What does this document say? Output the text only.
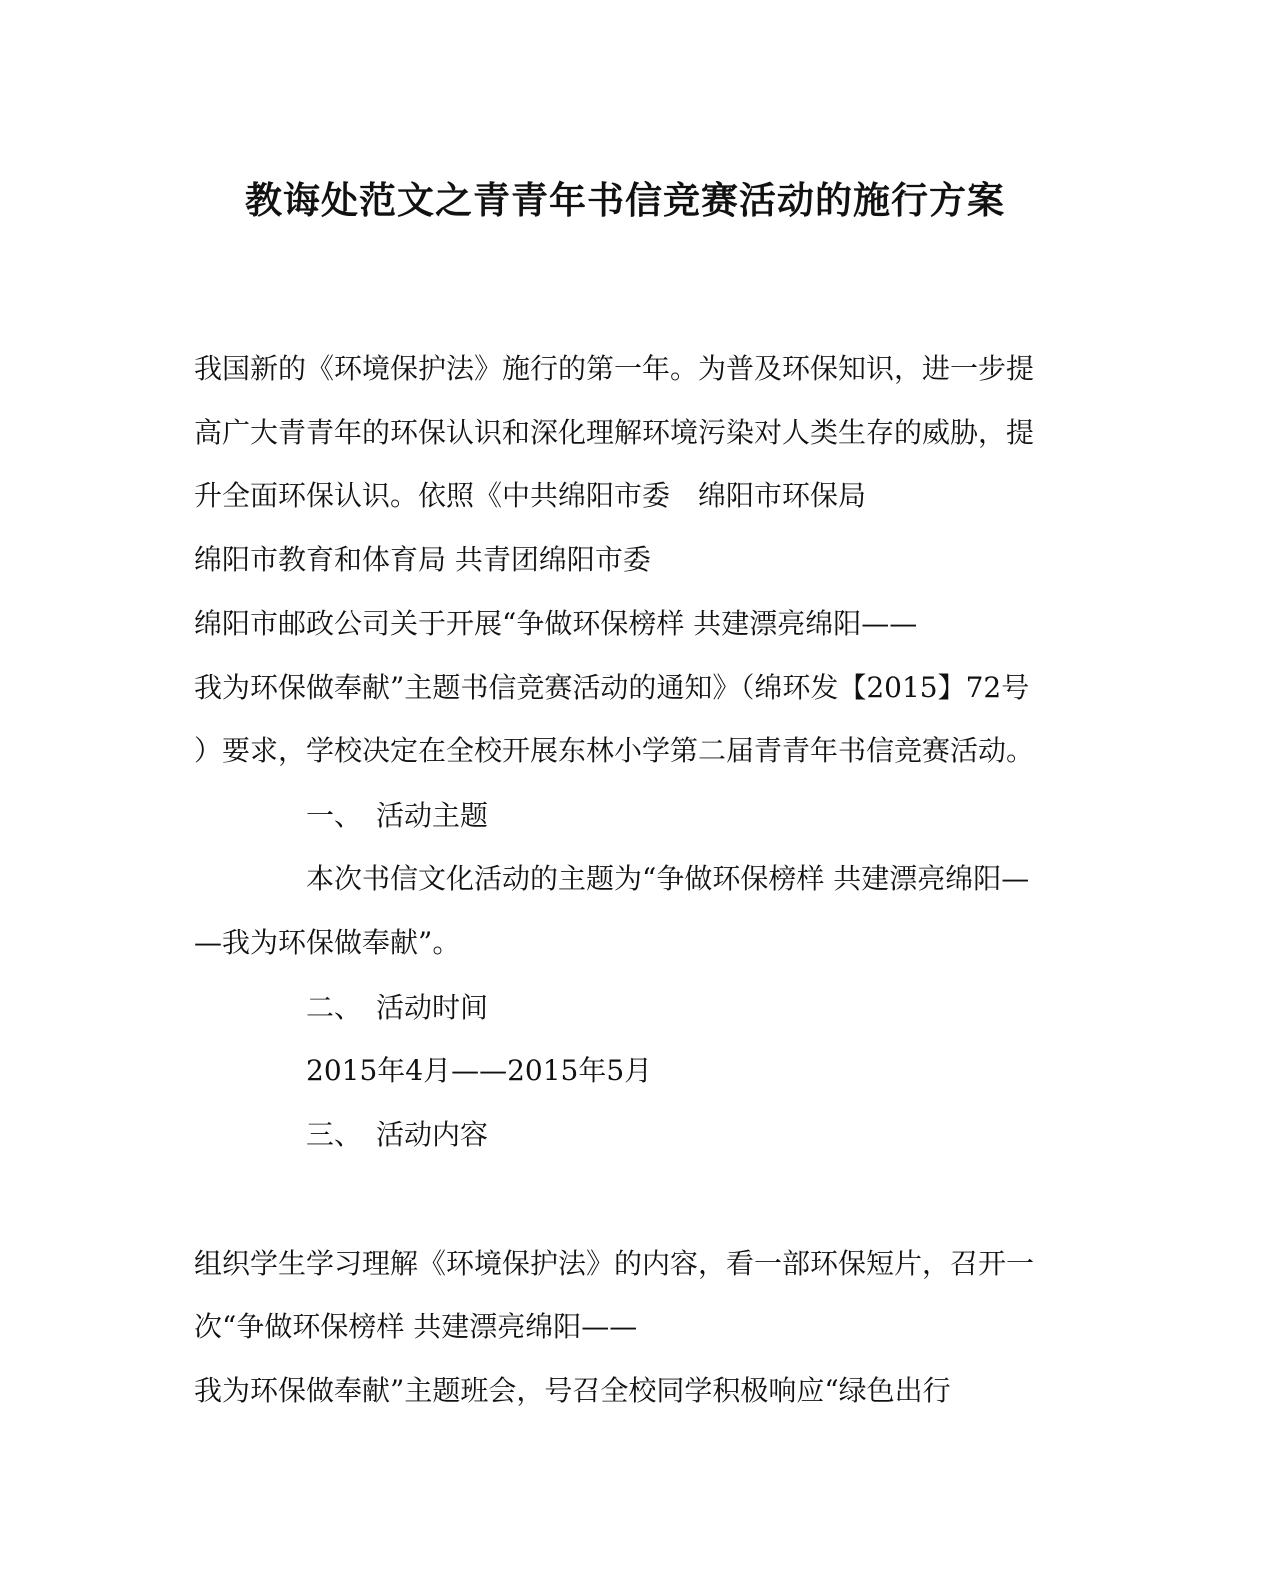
教诲处范文之青青年书信竞赛活动的施行方案
我国新的《环境保护法》施行的第一年。为普及环保知识，进一步提
高广大青青年的环保认识和深化理解环境污染对人类生存的威胁，提
升全面环保认识。依照《中共绵阳市委　绵阳市环保局
绵阳市教育和体育局 共青团绵阳市委
绵阳市邮政公司关于开展“争做环保榜样 共建漂亮绵阳——
我为环保做奉献”主题书信竞赛活动的通知》（绵环发【2015】72号
）要求，学校决定在全校开展东林小学第二届青青年书信竞赛活动。
一、　活动主题
本次书信文化活动的主题为“争做环保榜样 共建漂亮绵阳—
—我为环保做奉献”。
二、　活动时间
2015年4月——2015年5月
三、　活动内容
组织学生学习理解《环境保护法》的内容，看一部环保短片，召开一
次“争做环保榜样 共建漂亮绵阳——
我为环保做奉献”主题班会，号召全校同学积极响应“绿色出行
